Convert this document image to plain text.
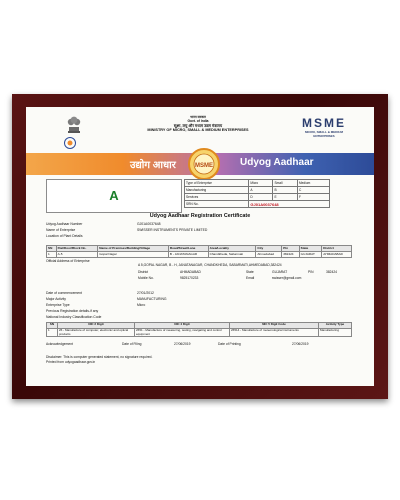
भारत सरकार
Govt. of India
सूक्ष्म, लघु और मध्यम उद्यम मंत्रालय
MINISTRY OF MICRO, SMALL & MEDIUM ENTERPRISES	MSME
MICRO, SMALL & MEDIUM ENTERPRISES
उद्योग आधार	Udyog Aadhaar
MSME
A
Type of Enterprise	Micro	Small	Medium
Manufacturing	A	B	C
Services	D	E	F
SRN No.	GJ01A0037648		
Udyog Aadhaar Registration Certificate
Udyog Aadhaar Number	GJ01A0037648
Name of Enterprise	SWISSER INSTRUMENTS PRIVATE LIMITED
Location of Plant Details
SN	Flat/Door/Block No.	Name of Premises/Building/Village	Road/Street/Lane	Area/Locality	City	Pin	State	District
1	A-5	Gopal Nagar	B - JANATANAGAR	Chandkheda, Sabarmati	Ahmedabad	382424	GUJARAT	AHMADABAD
Official Address of Enterprise
A 5,GOPAL NAGAR, B - H, JANATANAGAR, CHANDKHEDA, SABARMATI,AHMEDABAD,382424
District	AHMADABAD	State	GUJARAT	PIN	382424
Mobile No.	9825170233	Email	swisser@gmail.com
Date of commencement	27/01/2012
Major Activity	MANUFACTURING
Enterprise Type	Micro
Previous Registration details-if any
National Industry Classification Code
SN	NIC 2 Digit	NIC 4 Digit	NIC 5 Digit Code	Activity Type
1	26 - Manufacture of computer, electronic and optical products	2651 - Manufacture of measuring, testing, navigating and control equipment	26514 - Manufacture of meteorological instruments	Manufacturing
Acknowledgement	Date of Filing	27/06/2019	Date of Printing	27/06/2019
Disclaimer: This is computer generated statement, no signature required.
Printed from udyogaadhaar.gov.in
